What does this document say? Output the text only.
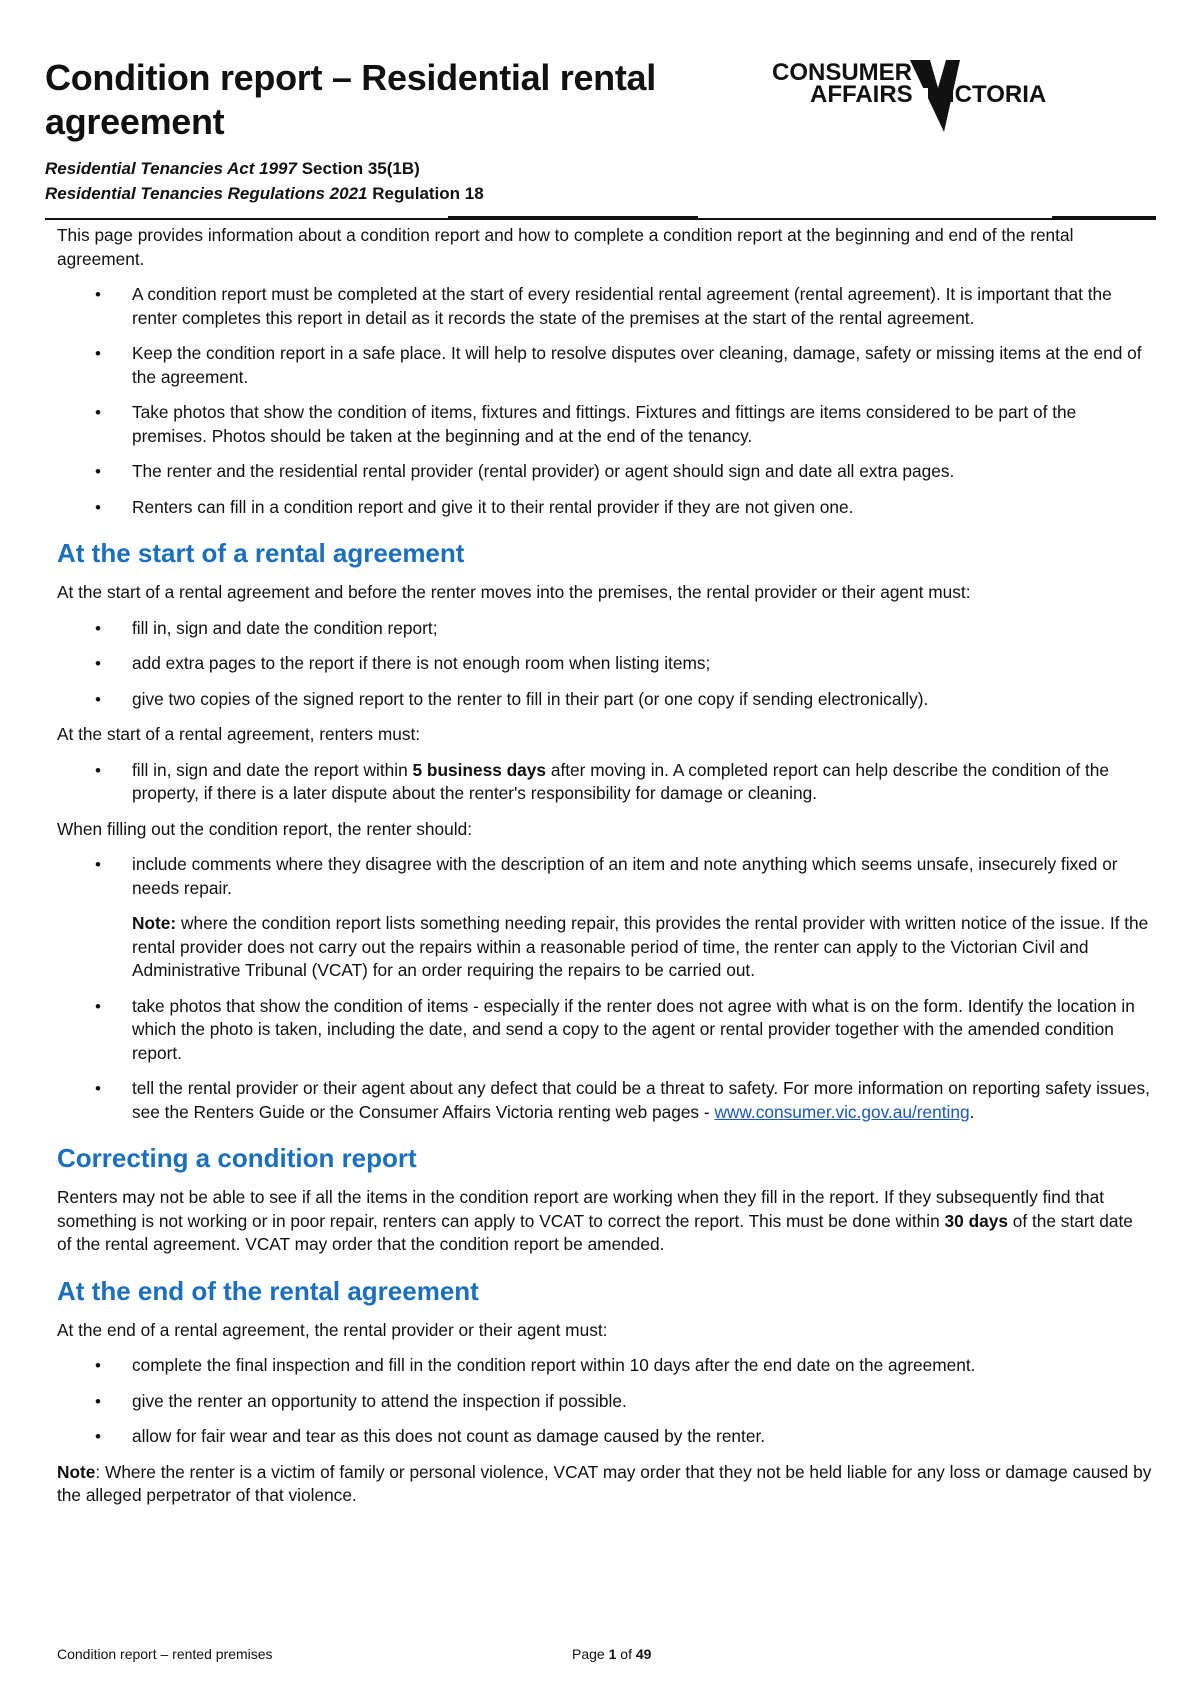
Condition report – Residential rental agreement
Residential Tenancies Act 1997 Section 35(1B)
Residential Tenancies Regulations 2021 Regulation 18
CONSUMER
AFFAIRS VICTORIA

This page provides information about a condition report and how to complete a condition report at the beginning and end of the rental agreement.

• A condition report must be completed at the start of every residential rental agreement (rental agreement). It is important that the renter completes this report in detail as it records the state of the premises at the start of the rental agreement.
• Keep the condition report in a safe place. It will help to resolve disputes over cleaning, damage, safety or missing items at the end of the agreement.
• Take photos that show the condition of items, fixtures and fittings. Fixtures and fittings are items considered to be part of the premises. Photos should be taken at the beginning and at the end of the tenancy.
• The renter and the residential rental provider (rental provider) or agent should sign and date all extra pages.
• Renters can fill in a condition report and give it to their rental provider if they are not given one.
At the start of a rental agreement

At the start of a rental agreement and before the renter moves into the premises, the rental provider or their agent must:

• fill in, sign and date the condition report;
• add extra pages to the report if there is not enough room when listing items;
• give two copies of the signed report to the renter to fill in their part (or one copy if sending electronically).

At the start of a rental agreement, renters must:

• fill in, sign and date the report within 5 business days after moving in. A completed report can help describe the condition of the property, if there is a later dispute about the renter's responsibility for damage or cleaning.

When filling out the condition report, the renter should:

• include comments where they disagree with the description of an item and note anything which seems unsafe, insecurely fixed or needs repair.

Note: where the condition report lists something needing repair, this provides the rental provider with written notice of the issue. If the rental provider does not carry out the repairs within a reasonable period of time, the renter can apply to the Victorian Civil and Administrative Tribunal (VCAT) for an order requiring the repairs to be carried out.

• take photos that show the condition of items - especially if the renter does not agree with what is on the form. Identify the location in which the photo is taken, including the date, and send a copy to the agent or rental provider together with the amended condition report.
• tell the rental provider or their agent about any defect that could be a threat to safety. For more information on reporting safety issues, see the Renters Guide or the Consumer Affairs Victoria renting web pages - www.consumer.vic.gov.au/renting.
Correcting a condition report

Renters may not be able to see if all the items in the condition report are working when they fill in the report. If they subsequently find that something is not working or in poor repair, renters can apply to VCAT to correct the report. This must be done within 30 days of the start date of the rental agreement. VCAT may order that the condition report be amended.

At the end of the rental agreement

At the end of a rental agreement, the rental provider or their agent must:

• complete the final inspection and fill in the condition report within 10 days after the end date on the agreement.
• give the renter an opportunity to attend the inspection if possible.
• allow for fair wear and tear as this does not count as damage caused by the renter.

Note: Where the renter is a victim of family or personal violence, VCAT may order that they not be held liable for any loss or damage caused by the alleged perpetrator of that violence.

Condition report – rented premises	Page 1 of 49
